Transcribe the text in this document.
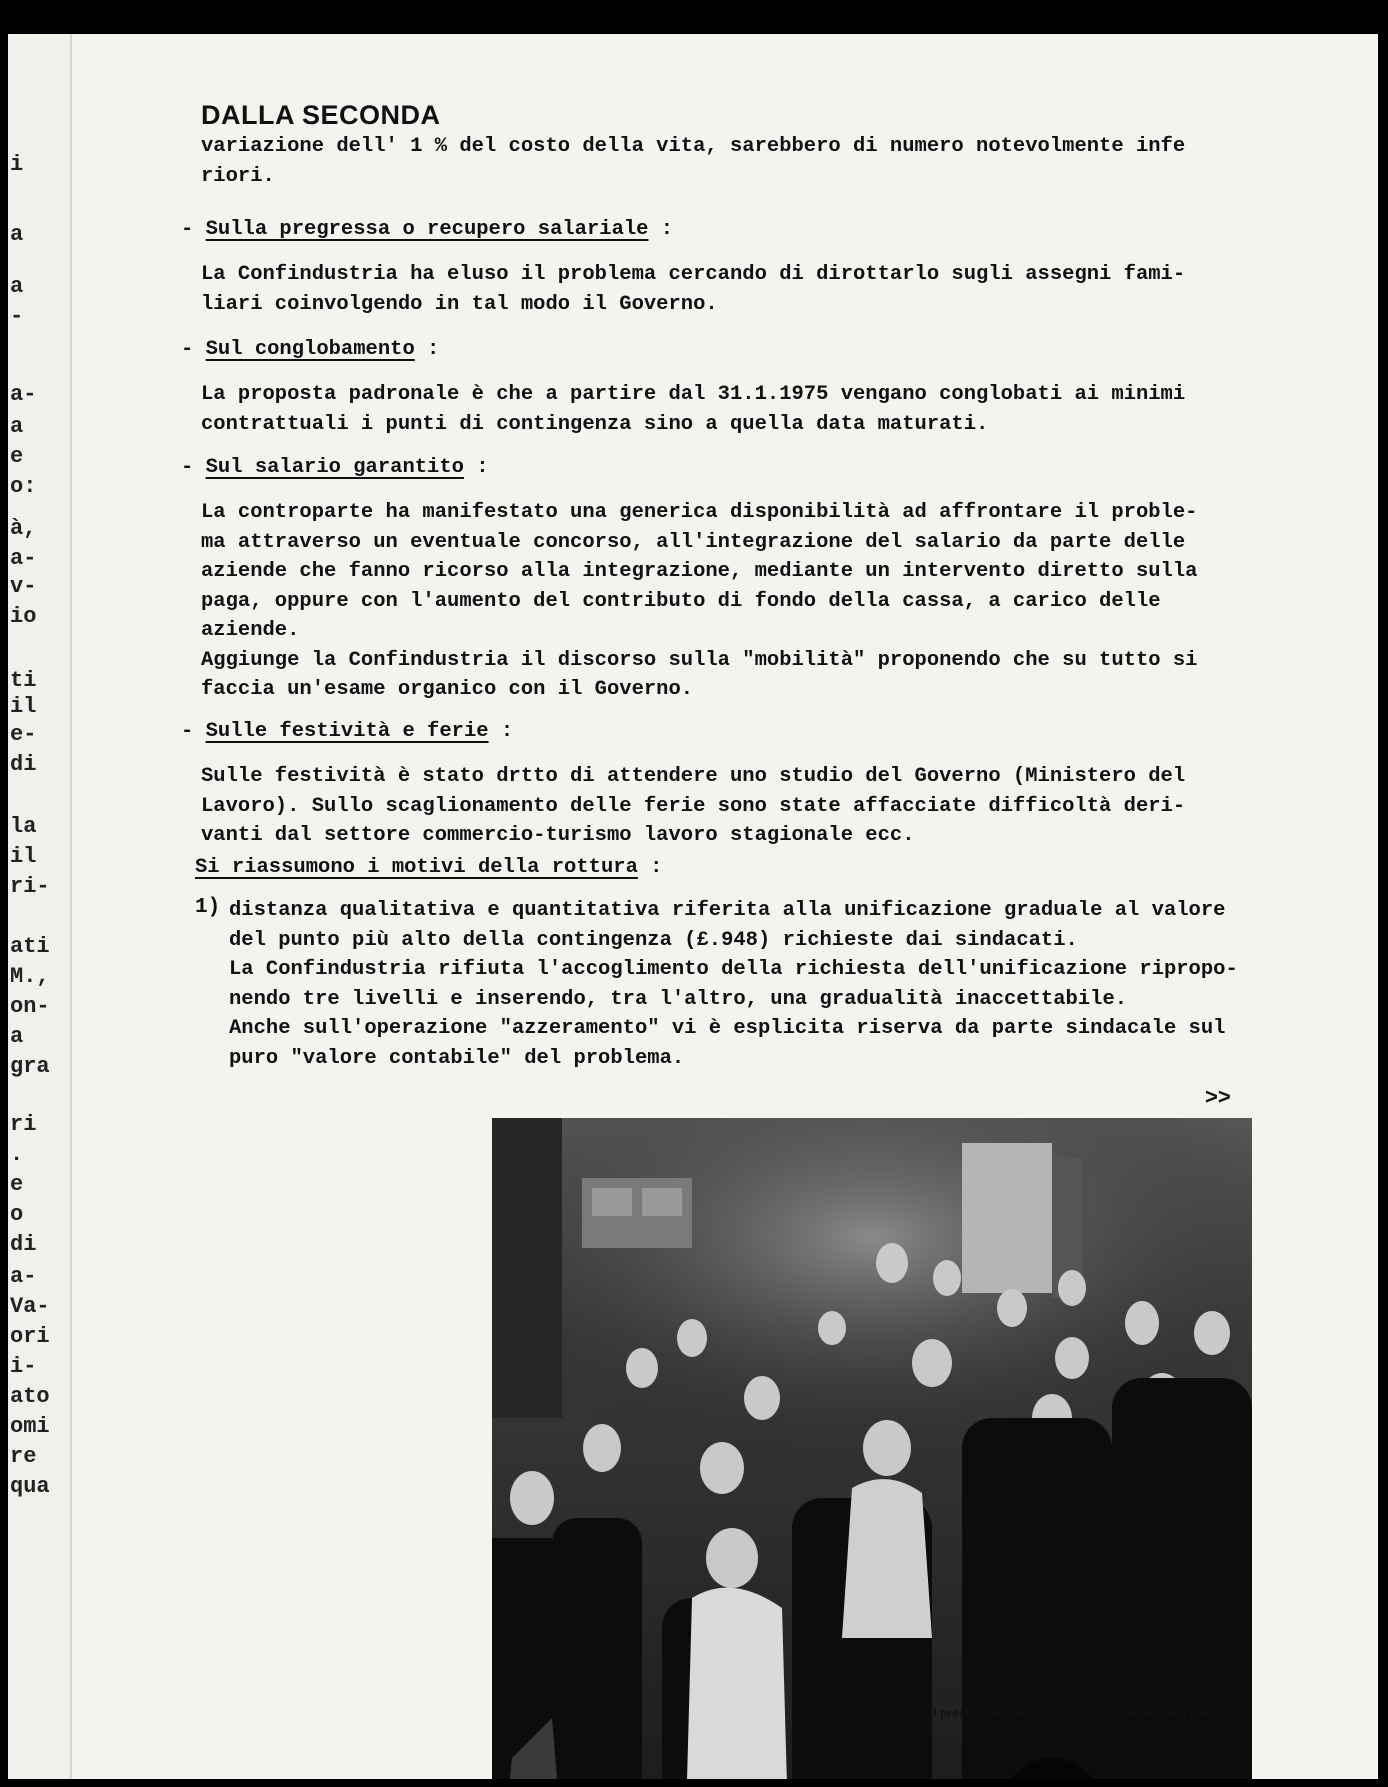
i
a
a
-
a-
a
e
o:
à,
a-
v-
io
ti
il
e-
di
la
il
ri-
ati
M.,
on-
a
gra
ri
.
e
o
di
a-
Va-
ori
i-
ato
omi
re
qua
DALLA SECONDA

variazione dell' 1 % del costo della vita, sarebbero di numero notevolmente infe

riori.

- Sulla pregressa o recupero salariale :

La Confindustria ha eluso il problema cercando di dirottarlo sugli assegni fami-

liari coinvolgendo in tal modo il Governo.

- Sul conglobamento :

La proposta padronale è che a partire dal 31.1.1975 vengano conglobati ai minimi

contrattuali i punti di contingenza sino a quella data maturati.

- Sul salario garantito :

La controparte ha manifestato una generica disponibilità ad affrontare il proble-

ma attraverso un eventuale concorso, all'integrazione del salario da parte delle

aziende che fanno ricorso alla integrazione, mediante un intervento diretto sulla

paga, oppure con l'aumento del contributo di fondo della cassa, a carico delle

aziende.

Aggiunge la Confindustria il discorso sulla "mobilità" proponendo che su tutto si

faccia un'esame organico con il Governo.

- Sulle festività e ferie :

Sulle festività è stato drtto di attendere uno studio del Governo (Ministero del

Lavoro). Sullo scaglionamento delle ferie sono state affacciate difficoltà deri-

vanti dal settore commercio-turismo lavoro stagionale ecc.

Si riassumono i motivi della rottura :
1) distanza qualitativa e quantitativa riferita alla unificazione graduale al valore

del punto più alto della contingenza (£.948) richieste dai sindacati.

La Confindustria rifiuta l'accoglimento della richiesta dell'unificazione ripropo-

nendo tre livelli e inserendo, tra l'altro, una gradualità inaccettabile.

Anche sull'operazione "azzeramento" vi è esplicita riserva da parte sindacale sul

puro "valore contabile" del problema.

>>
Il presidio dei lavoratori davanti alla Magneti Marelli
